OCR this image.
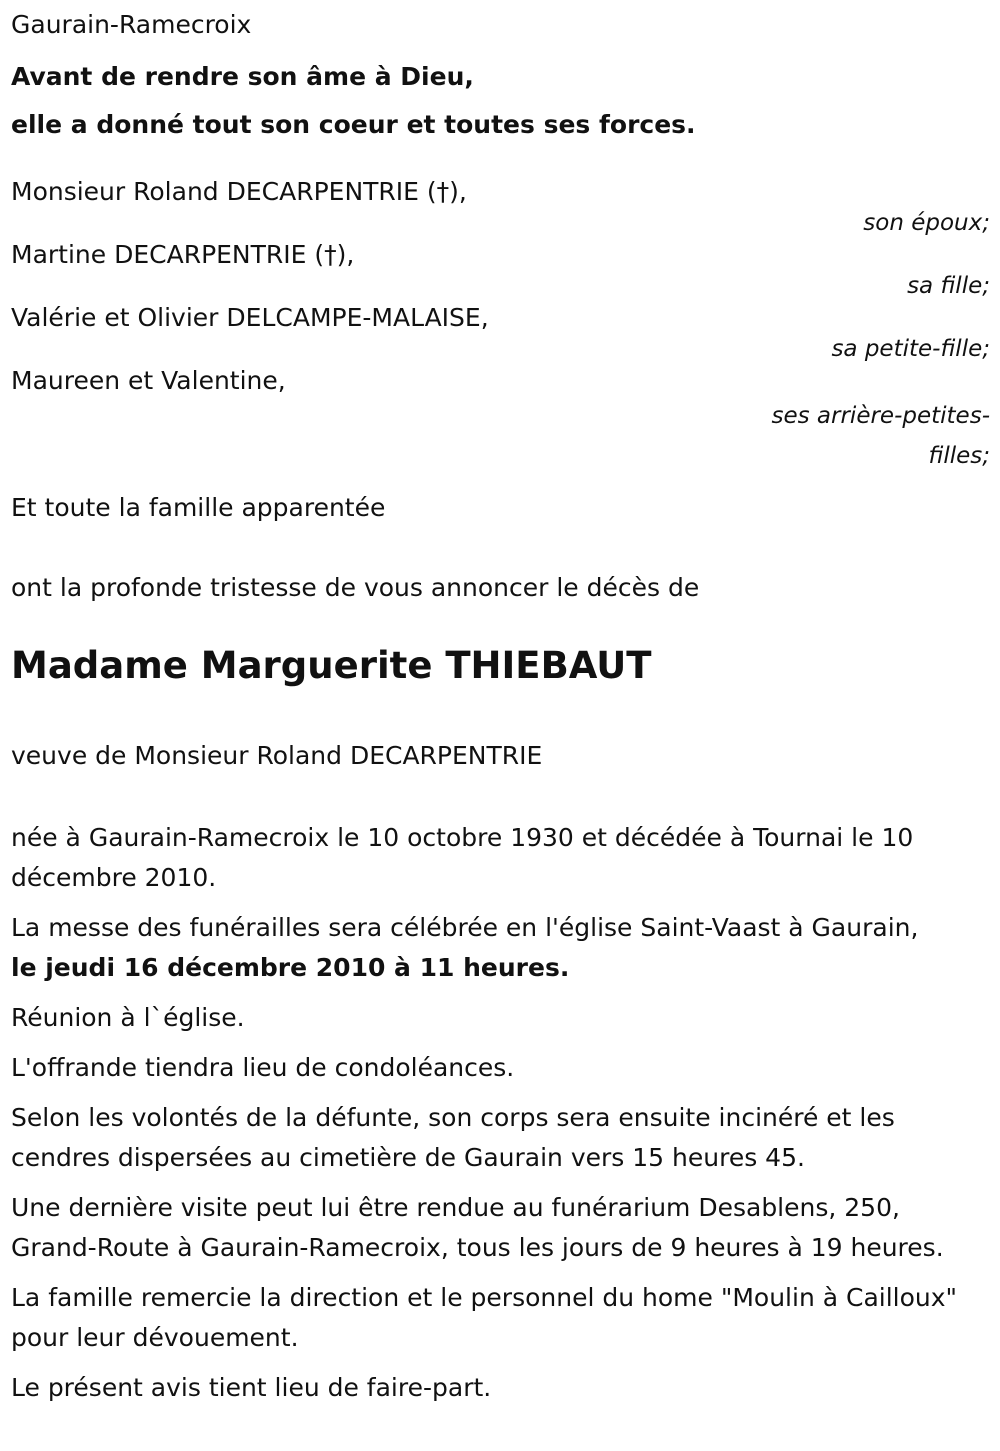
Gaurain-Ramecroix

Avant de rendre son âme à Dieu,

elle a donné tout son coeur et toutes ses forces.

Monsieur Roland DECARPENTRIE (†),

son époux;

Martine DECARPENTRIE (†),

sa fille;

Valérie et Olivier DELCAMPE-MALAISE,

sa petite-fille;

Maureen et Valentine,

ses arrière-petites-filles;

Et toute la famille apparentée

ont la profonde tristesse de vous annoncer le décès de

Madame Marguerite THIEBAUT

veuve de Monsieur Roland DECARPENTRIE

née à Gaurain-Ramecroix le 10 octobre 1930 et décédée à Tournai le 10 décembre 2010.

La messe des funérailles sera célébrée en l'église Saint-Vaast à Gaurain,
le jeudi 16 décembre 2010 à 11 heures.

Réunion à l`église.

L'offrande tiendra lieu de condoléances.

Selon les volontés de la défunte, son corps sera ensuite incinéré et les cendres dispersées au cimetière de Gaurain vers 15 heures 45.

Une dernière visite peut lui être rendue au funérarium Desablens, 250, Grand-Route à Gaurain-Ramecroix, tous les jours de 9 heures à 19 heures.

La famille remercie la direction et le personnel du home "Moulin à Cailloux" pour leur dévouement.

Le présent avis tient lieu de faire-part.
